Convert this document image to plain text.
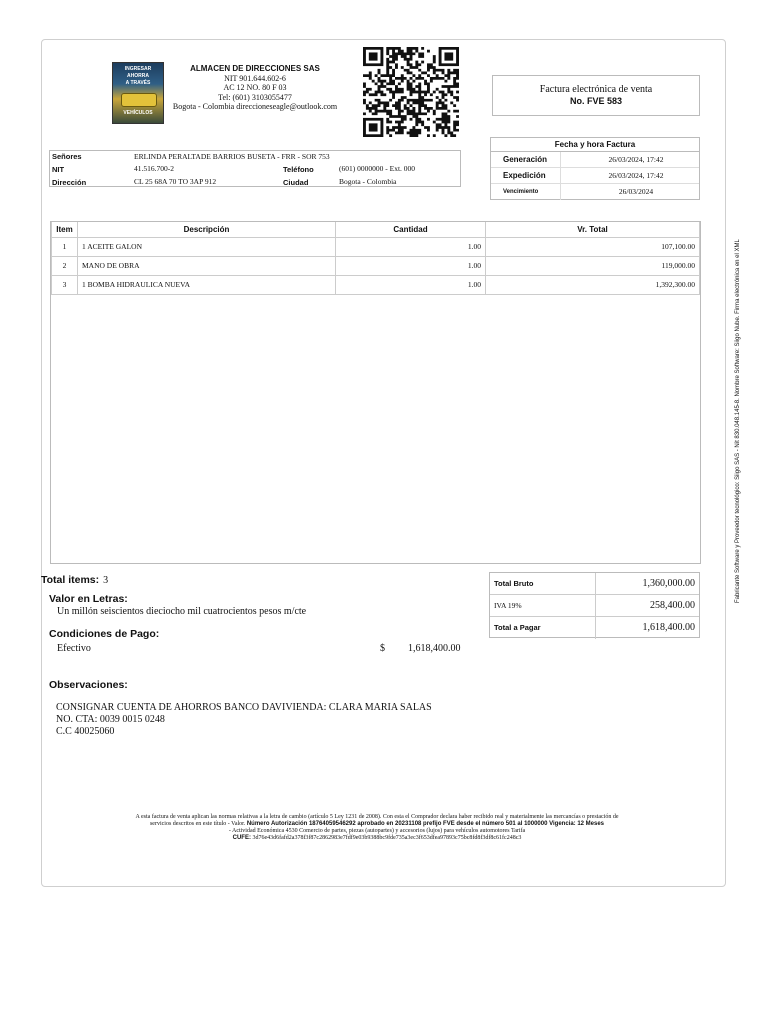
INGRESAR
AHORRA
A TRAVÉS
VEHÍCULOS
ALMACEN DE DIRECCIONES SAS
NIT 901.644.602-6
AC 12 NO. 80 F 03
Tel: (601) 3103055477
Bogota - Colombia direccioneseagle@outlook.com
Factura electrónica de venta
No. FVE 583
Fecha y hora Factura
Generación	26/03/2024, 17:42
Expedición	26/03/2024, 17:42
Vencimiento	26/03/2024
Señores	ERLINDA PERALTADE BARRIOS BUSETA - FRR - SOR 753
NIT	41.516.700-2	Teléfono	(601) 0000000 - Ext. 000
Dirección	CL 25 68A 70 TO 3AP 912	Ciudad	Bogota - Colombia
Item	Descripción	Cantidad	Vr. Total
1	1 ACEITE GALON	1.00	107,100.00
2	MANO DE OBRA	1.00	119,000.00
3	1 BOMBA HIDRAULICA NUEVA	1.00	1,392,300.00
Total items: 3
Valor en Letras:
Un millón seiscientos dieciocho mil cuatrocientos pesos m/cte
Condiciones de Pago:
Efectivo	$ 1,618,400.00
Observaciones:
CONSIGNAR CUENTA DE AHORROS BANCO DAVIVIENDA: CLARA MARIA SALAS
NO. CTA: 0039 0015 0248
C.C 40025060
Total Bruto	1,360,000.00
IVA 19%	258,400.00
Total a Pagar	1,618,400.00
A esta factura de venta aplican las normas relativas a la letra de cambio (artículo 5 Ley 1231 de 2008). Con esta el Comprador declara haber recibido real y materialmente las mercancías o prestación de
servicios descritos en este título - Valor. Número Autorización 18764059546292 aprobado en 20231108 prefijo FVE desde el número 501 al 1000000 Vigencia: 12 Meses
- Actividad Económica 4530 Comercio de partes, piezas (autopartes) y accesorios (lujos) para vehículos automotores Tarifa
CUFE: 3d76e43d6fafd2a378f3f87c2862983e7fdf9e03b9388bc9fde735a3ec3f653dfea97893c75bc8fd8f3df8c61fc248c3
Fabricante Software y Proveedor tecnológico: Siigo SAS - Nit 830.048.145-8. Nombre Software: Siigo Nube. Firma electrónica en el XML
